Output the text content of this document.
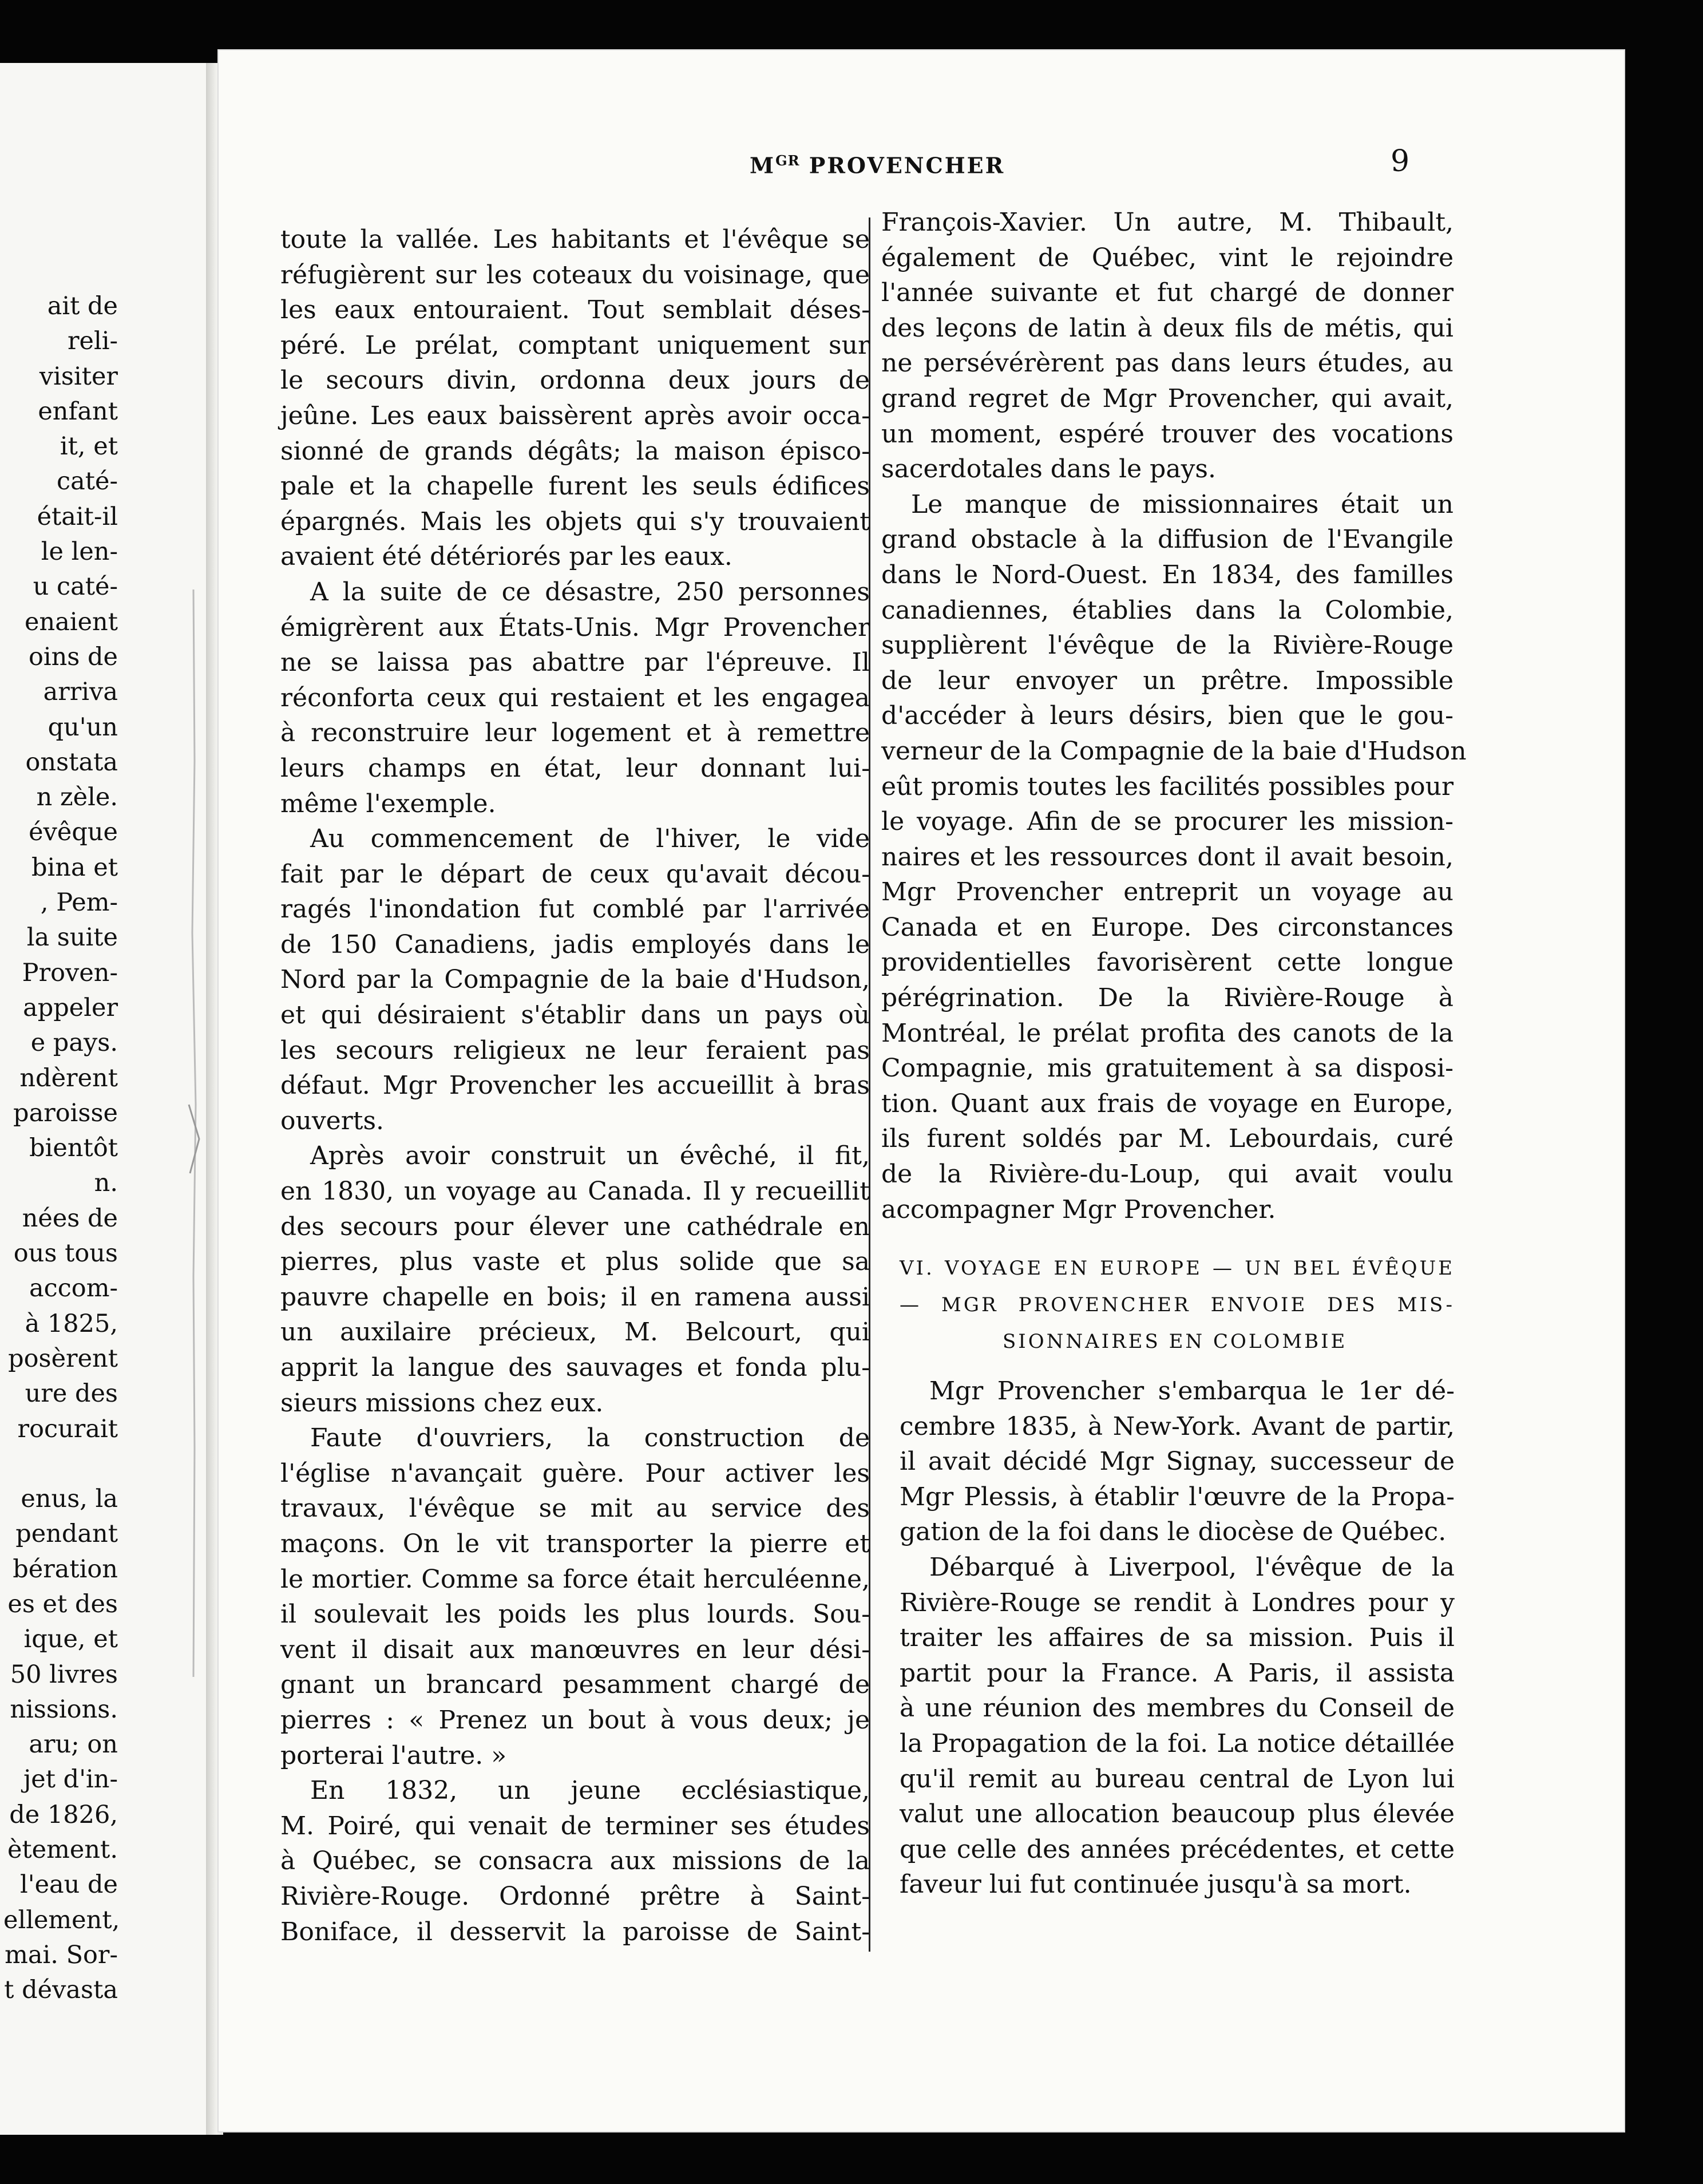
ait de
reli-
visiter
enfant
it, et
caté-
était-il
le len-
u caté-
enaient
oins de
arriva
qu'un
onstata
n zèle.
évêque
bina et
, Pem-
la suite
Proven-
appeler
e pays.
ndèrent
paroisse
bientôt
n.
nées de
ous tous
accom-
à 1825,
posèrent
ure des
rocurait
enus, la
pendant
bération
es et des
ique, et
50 livres
nissions.
aru; on
jet d'in-
de 1826,
ètement.
l'eau de
ellement,
mai. Sor-
t dévasta
$M^{GR}$ PROVENCHER	9
toute la vallée. Les habitants et l'évêque se
réfugièrent sur les coteaux du voisinage, que
les eaux entouraient. Tout semblait déses-
péré. Le prélat, comptant uniquement sur
le secours divin, ordonna deux jours de
jeûne. Les eaux baissèrent après avoir occa-
sionné de grands dégâts; la maison épisco-
pale et la chapelle furent les seuls édifices
épargnés. Mais les objets qui s'y trouvaient
avaient été détériorés par les eaux.
A la suite de ce désastre, 250 personnes
émigrèrent aux États-Unis. Mgr Provencher
ne se laissa pas abattre par l'épreuve. Il
réconforta ceux qui restaient et les engagea
à reconstruire leur logement et à remettre
leurs champs en état, leur donnant lui-
même l'exemple.
Au commencement de l'hiver, le vide
fait par le départ de ceux qu'avait décou-
ragés l'inondation fut comblé par l'arrivée
de 150 Canadiens, jadis employés dans le
Nord par la Compagnie de la baie d'Hudson,
et qui désiraient s'établir dans un pays où
les secours religieux ne leur feraient pas
défaut. Mgr Provencher les accueillit à bras
ouverts.
Après avoir construit un évêché, il fit,
en 1830, un voyage au Canada. Il y recueillit
des secours pour élever une cathédrale en
pierres, plus vaste et plus solide que sa
pauvre chapelle en bois; il en ramena aussi
un auxilaire précieux, M. Belcourt, qui
apprit la langue des sauvages et fonda plu-
sieurs missions chez eux.
Faute d'ouvriers, la construction de
l'église n'avançait guère. Pour activer les
travaux, l'évêque se mit au service des
maçons. On le vit transporter la pierre et
le mortier. Comme sa force était herculéenne,
il soulevait les poids les plus lourds. Sou-
vent il disait aux manœuvres en leur dési-
gnant un brancard pesamment chargé de
pierres : « Prenez un bout à vous deux; je
porterai l'autre. »
En 1832, un jeune ecclésiastique,
M. Poiré, qui venait de terminer ses études
à Québec, se consacra aux missions de la
Rivière-Rouge. Ordonné prêtre à Saint-
Boniface, il desservit la paroisse de Saint-
François-Xavier. Un autre, M. Thibault,
également de Québec, vint le rejoindre
l'année suivante et fut chargé de donner
des leçons de latin à deux fils de métis, qui
ne persévérèrent pas dans leurs études, au
grand regret de Mgr Provencher, qui avait,
un moment, espéré trouver des vocations
sacerdotales dans le pays.
Le manque de missionnaires était un
grand obstacle à la diffusion de l'Evangile
dans le Nord-Ouest. En 1834, des familles
canadiennes, établies dans la Colombie,
supplièrent l'évêque de la Rivière-Rouge
de leur envoyer un prêtre. Impossible
d'accéder à leurs désirs, bien que le gou-
verneur de la Compagnie de la baie d'Hudson
eût promis toutes les facilités possibles pour
le voyage. Afin de se procurer les mission-
naires et les ressources dont il avait besoin,
Mgr Provencher entreprit un voyage au
Canada et en Europe. Des circonstances
providentielles favorisèrent cette longue
pérégrination. De la Rivière-Rouge à
Montréal, le prélat profita des canots de la
Compagnie, mis gratuitement à sa disposi-
tion. Quant aux frais de voyage en Europe,
ils furent soldés par M. Lebourdais, curé
de la Rivière-du-Loup, qui avait voulu
accompagner Mgr Provencher.
VI. VOYAGE EN EUROPE — UN BEL ÉVÊQUE
— MGR PROVENCHER ENVOIE DES MIS-
SIONNAIRES EN COLOMBIE
Mgr Provencher s'embarqua le 1er dé-
cembre 1835, à New-York. Avant de partir,
il avait décidé Mgr Signay, successeur de
Mgr Plessis, à établir l'œuvre de la Propa-
gation de la foi dans le diocèse de Québec.
Débarqué à Liverpool, l'évêque de la
Rivière-Rouge se rendit à Londres pour y
traiter les affaires de sa mission. Puis il
partit pour la France. A Paris, il assista
à une réunion des membres du Conseil de
la Propagation de la foi. La notice détaillée
qu'il remit au bureau central de Lyon lui
valut une allocation beaucoup plus élevée
que celle des années précédentes, et cette
faveur lui fut continuée jusqu'à sa mort.
